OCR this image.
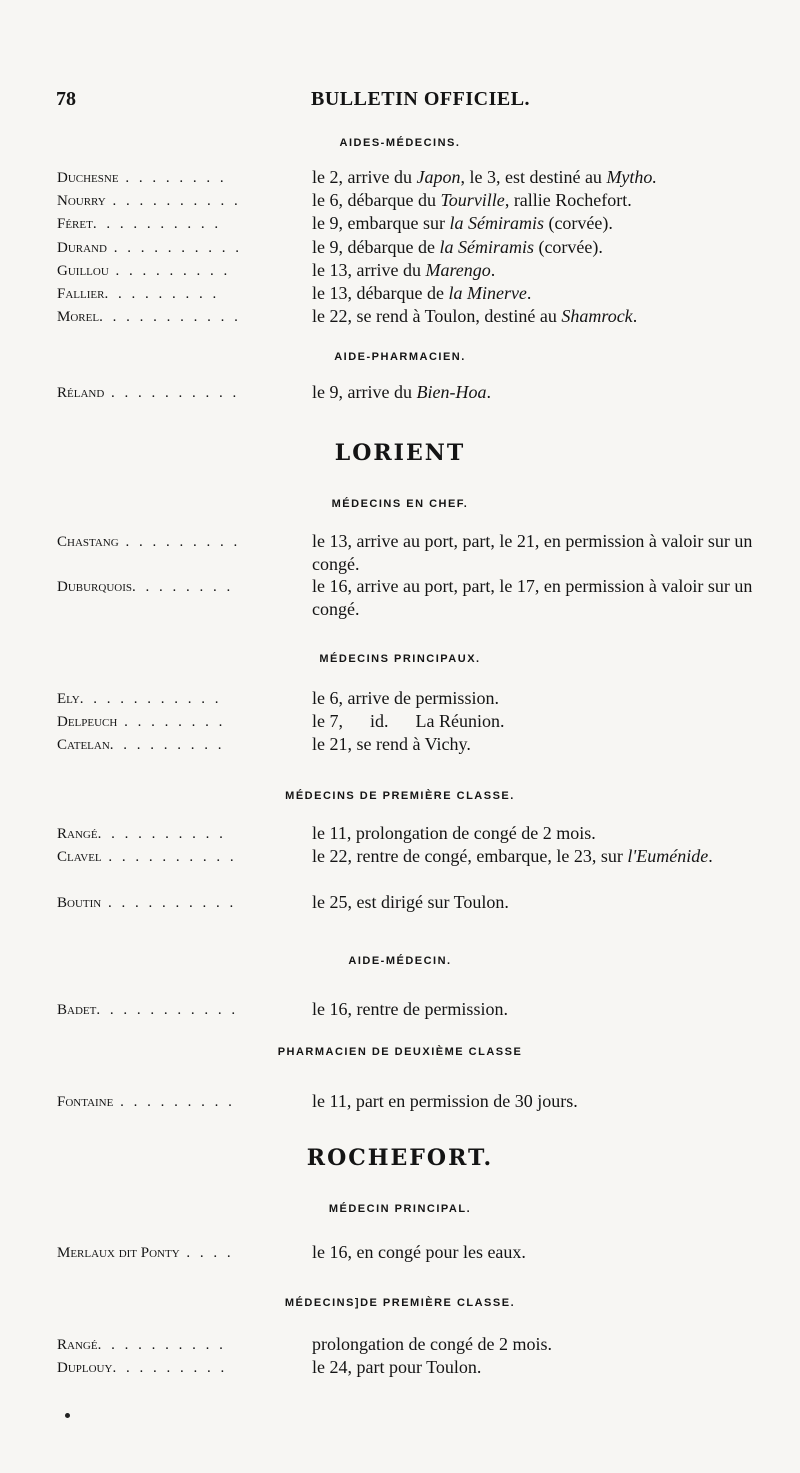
78	BULLETIN OFFICIEL.
AIDES-MÉDECINS.
Duchesne . . . . . . . .	le 2, arrive du Japon, le 3, est destiné au Mytho.
Nourry . . . . . . . . . .	le 6, débarque du Tourville, rallie Rochefort.
Féret. . . . . . . . . .	le 9, embarque sur la Sémiramis (corvée).
Durand . . . . . . . . . .	le 9, débarque de la Sémiramis (corvée).
Guillou . . . . . . . . .	le 13, arrive du Marengo.
Fallier. . . . . . . . .	le 13, débarque de la Minerve.
Morel. . . . . . . . . . .	le 22, se rend à Toulon, destiné au Shamrock.
AIDE-PHARMACIEN.
Réland . . . . . . . . . .	le 9, arrive du Bien-Hoa.
LORIENT
MÉDECINS EN CHEF.
Chastang . . . . . . . . .	le 13, arrive au port, part, le 21, en permission à valoir sur un congé.
Duburquois. . . . . . . .	le 16, arrive au port, part, le 17, en permission à valoir sur un congé.
MÉDECINS PRINCIPAUX.
Ely. . . . . . . . . . .	le 6, arrive de permission.
Delpeuch . . . . . . . .	le 7,      id.      La Réunion.
Catelan. . . . . . . . .	le 21, se rend à Vichy.
MÉDECINS DE PREMIÈRE CLASSE.
Rangé. . . . . . . . . .	le 11, prolongation de congé de 2 mois.
Clavel . . . . . . . . . .	le 22, rentre de congé, embarque, le 23, sur l'Euménide.
Boutin . . . . . . . . . .	le 25, est dirigé sur Toulon.
AIDE-MÉDECIN.
Badet. . . . . . . . . . .	le 16, rentre de permission.
PHARMACIEN DE DEUXIÈME CLASSE
Fontaine . . . . . . . . .	le 11, part en permission de 30 jours.
ROCHEFORT.
MÉDECIN PRINCIPAL.
Merlaux dit Ponty . . . .	le 16, en congé pour les eaux.
MÉDECINS]DE PREMIÈRE CLASSE.
Rangé. . . . . . . . . .	prolongation de congé de 2 mois.
Duplouy. . . . . . . . .	le 24, part pour Toulon.
